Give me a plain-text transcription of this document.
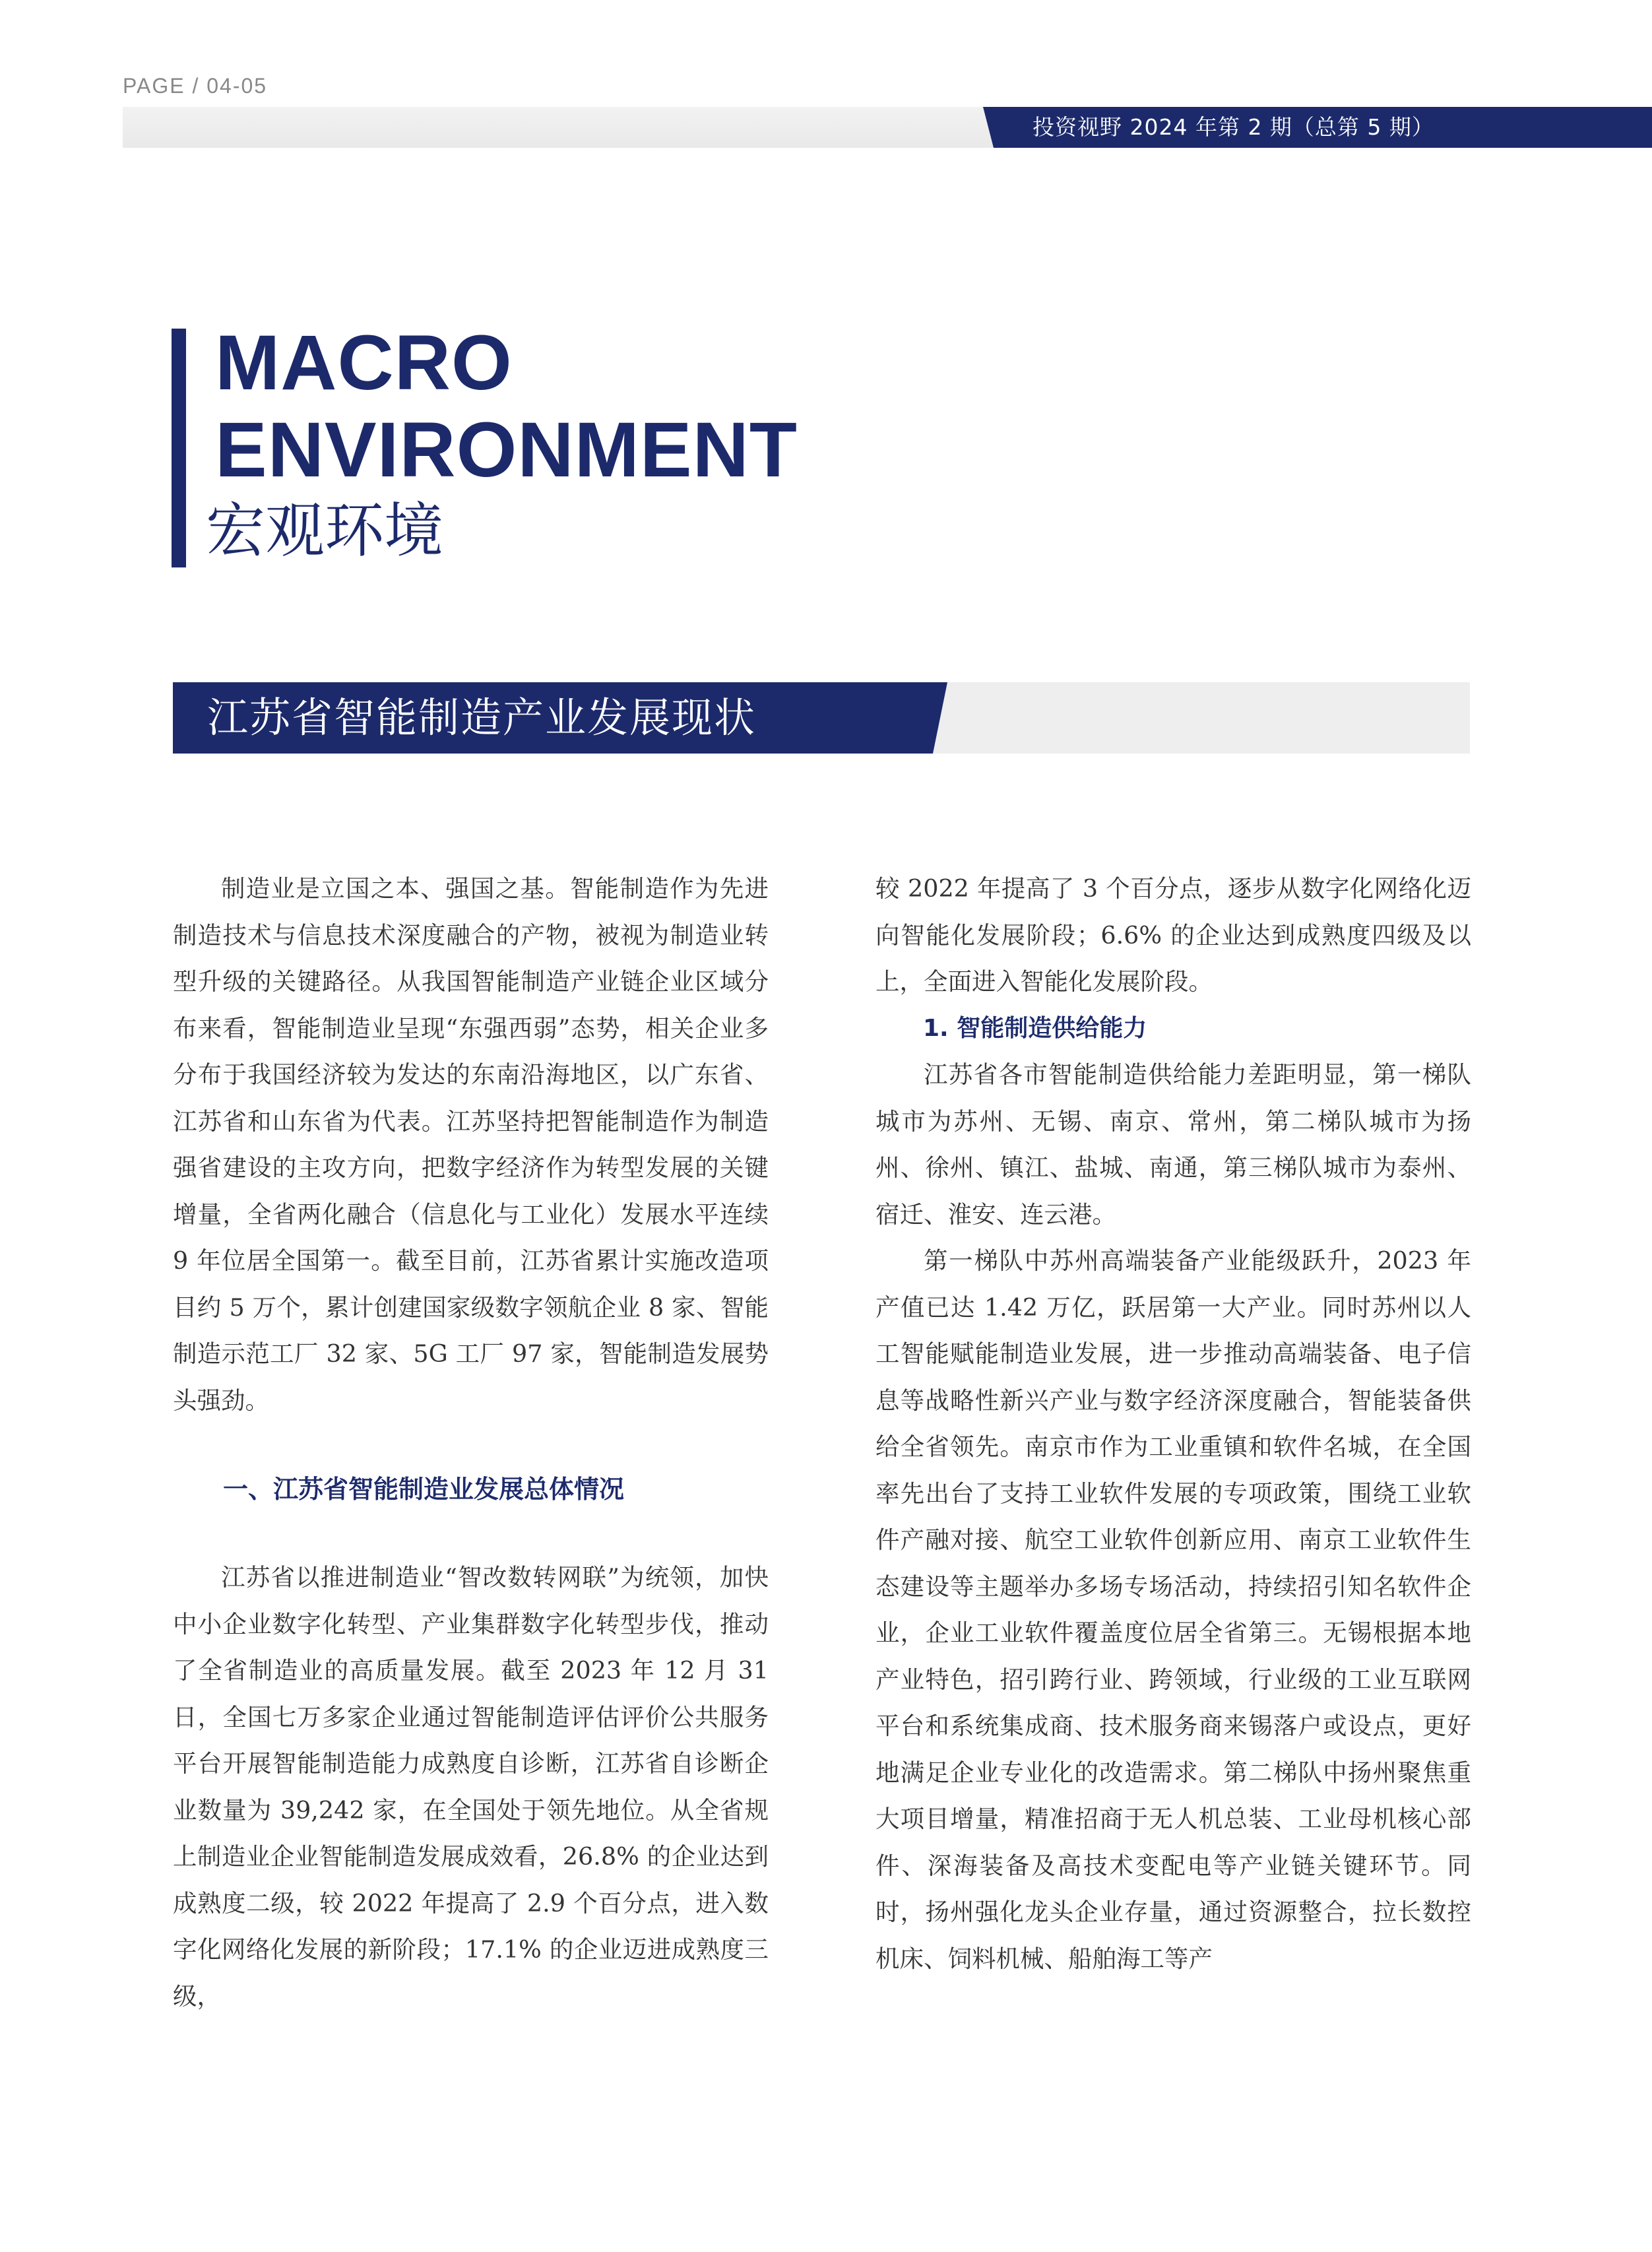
PAGE / 04-05
投资视野 2024 年第 2 期（总第 5 期）
MACRO
ENVIRONMENT
宏观环境
江苏省智能制造产业发展现状

制造业是立国之本、强国之基。智能制造作为先进制造技术与信息技术深度融合的产物，被视为制造业转型升级的关键路径。从我国智能制造产业链企业区域分布来看，智能制造业呈现“东强西弱”态势，相关企业多分布于我国经济较为发达的东南沿海地区，以广东省、江苏省和山东省为代表。江苏坚持把智能制造作为制造强省建设的主攻方向，把数字经济作为转型发展的关键增量，全省两化融合（信息化与工业化）发展水平连续 9 年位居全国第一。截至目前，江苏省累计实施改造项目约 5 万个，累计创建国家级数字领航企业 8 家、智能制造示范工厂 32 家、5G 工厂 97 家，智能制造发展势头强劲。

一、江苏省智能制造业发展总体情况

江苏省以推进制造业“智改数转网联”为统领，加快中小企业数字化转型、产业集群数字化转型步伐，推动了全省制造业的高质量发展。截至 2023 年 12 月 31 日，全国七万多家企业通过智能制造评估评价公共服务平台开展智能制造能力成熟度自诊断，江苏省自诊断企业数量为 39,242 家，在全国处于领先地位。从全省规上制造业企业智能制造发展成效看，26.8% 的企业达到成熟度二级，较 2022 年提高了 2.9 个百分点，进入数字化网络化发展的新阶段；17.1% 的企业迈进成熟度三级，

较 2022 年提高了 3 个百分点，逐步从数字化网络化迈向智能化发展阶段；6.6% 的企业达到成熟度四级及以上，全面进入智能化发展阶段。

1. 智能制造供给能力

江苏省各市智能制造供给能力差距明显，第一梯队城市为苏州、无锡、南京、常州，第二梯队城市为扬州、徐州、镇江、盐城、南通，第三梯队城市为泰州、宿迁、淮安、连云港。

第一梯队中苏州高端装备产业能级跃升，2023 年产值已达 1.42 万亿，跃居第一大产业。同时苏州以人工智能赋能制造业发展，进一步推动高端装备、电子信息等战略性新兴产业与数字经济深度融合，智能装备供给全省领先。南京市作为工业重镇和软件名城，在全国率先出台了支持工业软件发展的专项政策，围绕工业软件产融对接、航空工业软件创新应用、南京工业软件生态建设等主题举办多场专场活动，持续招引知名软件企业，企业工业软件覆盖度位居全省第三。无锡根据本地产业特色，招引跨行业、跨领域，行业级的工业互联网平台和系统集成商、技术服务商来锡落户或设点，更好地满足企业专业化的改造需求。第二梯队中扬州聚焦重大项目增量，精准招商于无人机总装、工业母机核心部件、深海装备及高技术变配电等产业链关键环节。同时，扬州强化龙头企业存量，通过资源整合，拉长数控机床、饲料机械、船舶海工等产
